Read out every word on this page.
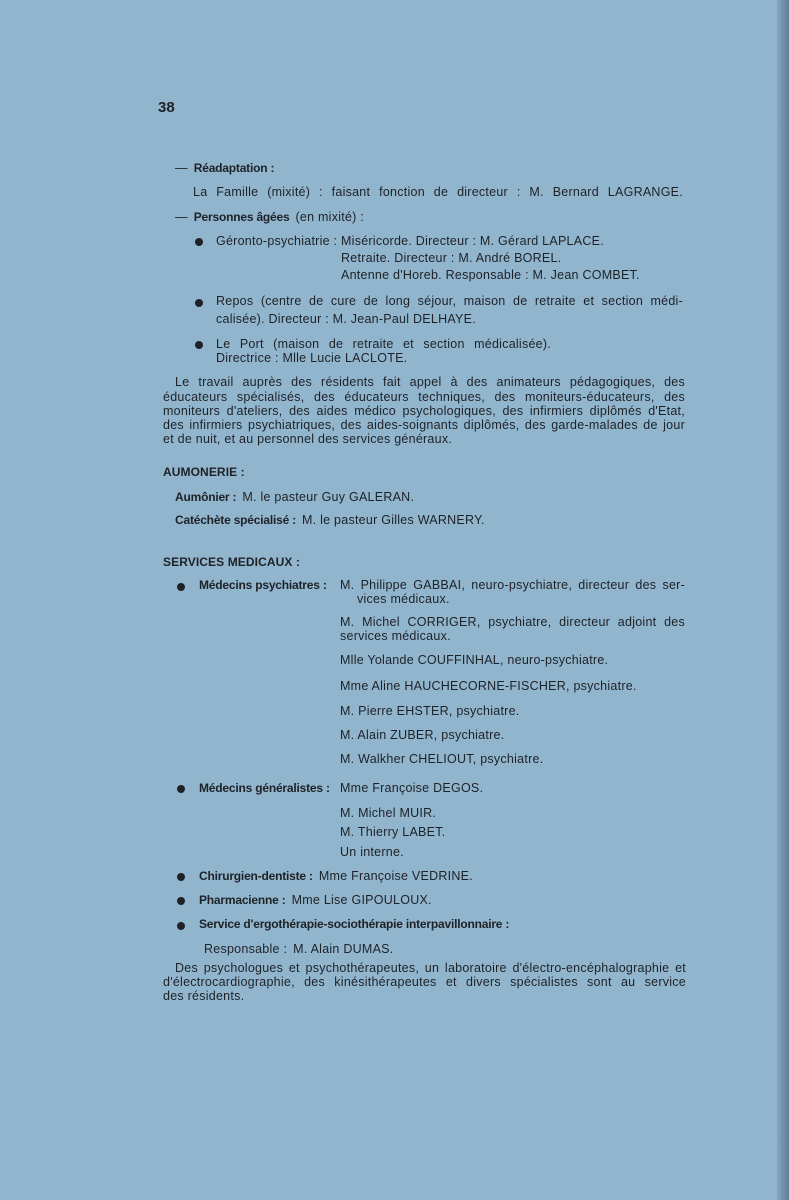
38
— Réadaptation :
La Famille (mixité) : faisant fonction de directeur : M. Bernard LAGRANGE.
— Personnes âgées (en mixité) :
Géronto-psychiatrie : Miséricorde. Directeur : M. Gérard LAPLACE.
Retraite. Directeur : M. André BOREL.
Antenne d'Horeb. Responsable : M. Jean COMBET.
Repos (centre de cure de long séjour, maison de retraite et section médi-
calisée). Directeur : M. Jean-Paul DELHAYE.
Le Port (maison de retraite et section médicalisée).
Directrice : Mlle Lucie LACLOTE.
Le travail auprès des résidents fait appel à des animateurs pédagogiques, des
éducateurs spécialisés, des éducateurs techniques, des moniteurs-éducateurs, des
moniteurs d'ateliers, des aides médico psychologiques, des infirmiers diplômés d'Etat,
des infirmiers psychiatriques, des aides-soignants diplômés, des garde-malades de jour
et de nuit, et au personnel des services généraux.
AUMONERIE :
Aumônier : M. le pasteur Guy GALERAN.
Catéchète spécialisé : M. le pasteur Gilles WARNERY.
SERVICES MEDICAUX :
Médecins psychiatres : M. Philippe GABBAI, neuro-psychiatre, directeur des ser-
vices médicaux.
M. Michel CORRIGER, psychiatre, directeur adjoint des
services médicaux.
Mlle Yolande COUFFINHAL, neuro-psychiatre.
Mme Aline HAUCHECORNE-FISCHER, psychiatre.
M. Pierre EHSTER, psychiatre.
M. Alain ZUBER, psychiatre.
M. Walkher CHELIOUT, psychiatre.
Médecins généralistes : Mme Françoise DEGOS.
M. Michel MUIR.
M. Thierry LABET.
Un interne.
Chirurgien-dentiste : Mme Françoise VEDRINE.
Pharmacienne : Mme Lise GIPOULOUX.
Service d'ergothérapie-sociothérapie interpavillonnaire :
Responsable : M. Alain DUMAS.
Des psychologues et psychothérapeutes, un laboratoire d'électro-encéphalographie et
d'électrocardiographie, des kinésithérapeutes et divers spécialistes sont au service
des résidents.
